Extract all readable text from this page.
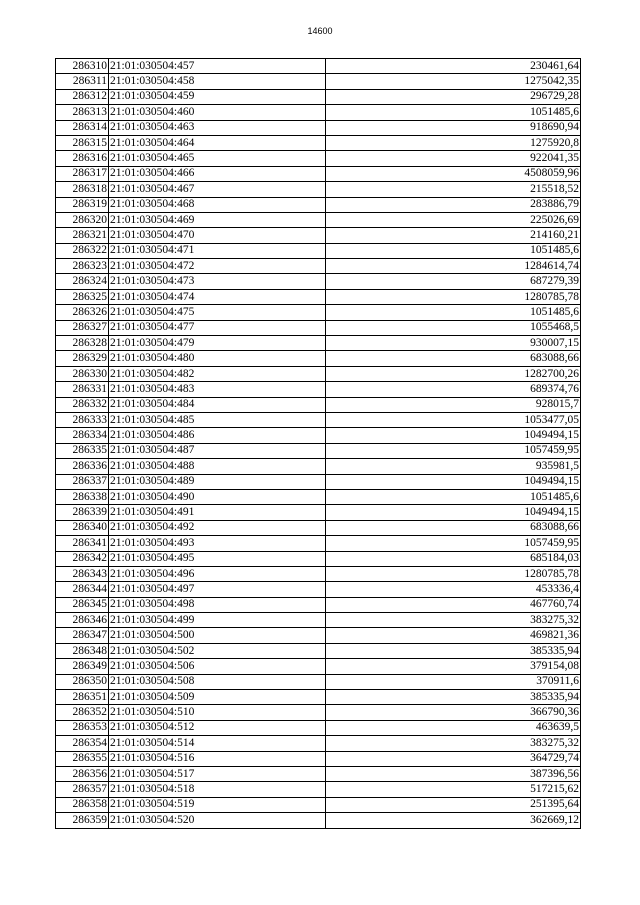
14600
286310	21:01:030504:457	230461,64
286311	21:01:030504:458	1275042,35
286312	21:01:030504:459	296729,28
286313	21:01:030504:460	1051485,6
286314	21:01:030504:463	918690,94
286315	21:01:030504:464	1275920,8
286316	21:01:030504:465	922041,35
286317	21:01:030504:466	4508059,96
286318	21:01:030504:467	215518,52
286319	21:01:030504:468	283886,79
286320	21:01:030504:469	225026,69
286321	21:01:030504:470	214160,21
286322	21:01:030504:471	1051485,6
286323	21:01:030504:472	1284614,74
286324	21:01:030504:473	687279,39
286325	21:01:030504:474	1280785,78
286326	21:01:030504:475	1051485,6
286327	21:01:030504:477	1055468,5
286328	21:01:030504:479	930007,15
286329	21:01:030504:480	683088,66
286330	21:01:030504:482	1282700,26
286331	21:01:030504:483	689374,76
286332	21:01:030504:484	928015,7
286333	21:01:030504:485	1053477,05
286334	21:01:030504:486	1049494,15
286335	21:01:030504:487	1057459,95
286336	21:01:030504:488	935981,5
286337	21:01:030504:489	1049494,15
286338	21:01:030504:490	1051485,6
286339	21:01:030504:491	1049494,15
286340	21:01:030504:492	683088,66
286341	21:01:030504:493	1057459,95
286342	21:01:030504:495	685184,03
286343	21:01:030504:496	1280785,78
286344	21:01:030504:497	453336,4
286345	21:01:030504:498	467760,74
286346	21:01:030504:499	383275,32
286347	21:01:030504:500	469821,36
286348	21:01:030504:502	385335,94
286349	21:01:030504:506	379154,08
286350	21:01:030504:508	370911,6
286351	21:01:030504:509	385335,94
286352	21:01:030504:510	366790,36
286353	21:01:030504:512	463639,5
286354	21:01:030504:514	383275,32
286355	21:01:030504:516	364729,74
286356	21:01:030504:517	387396,56
286357	21:01:030504:518	517215,62
286358	21:01:030504:519	251395,64
286359	21:01:030504:520	362669,12
